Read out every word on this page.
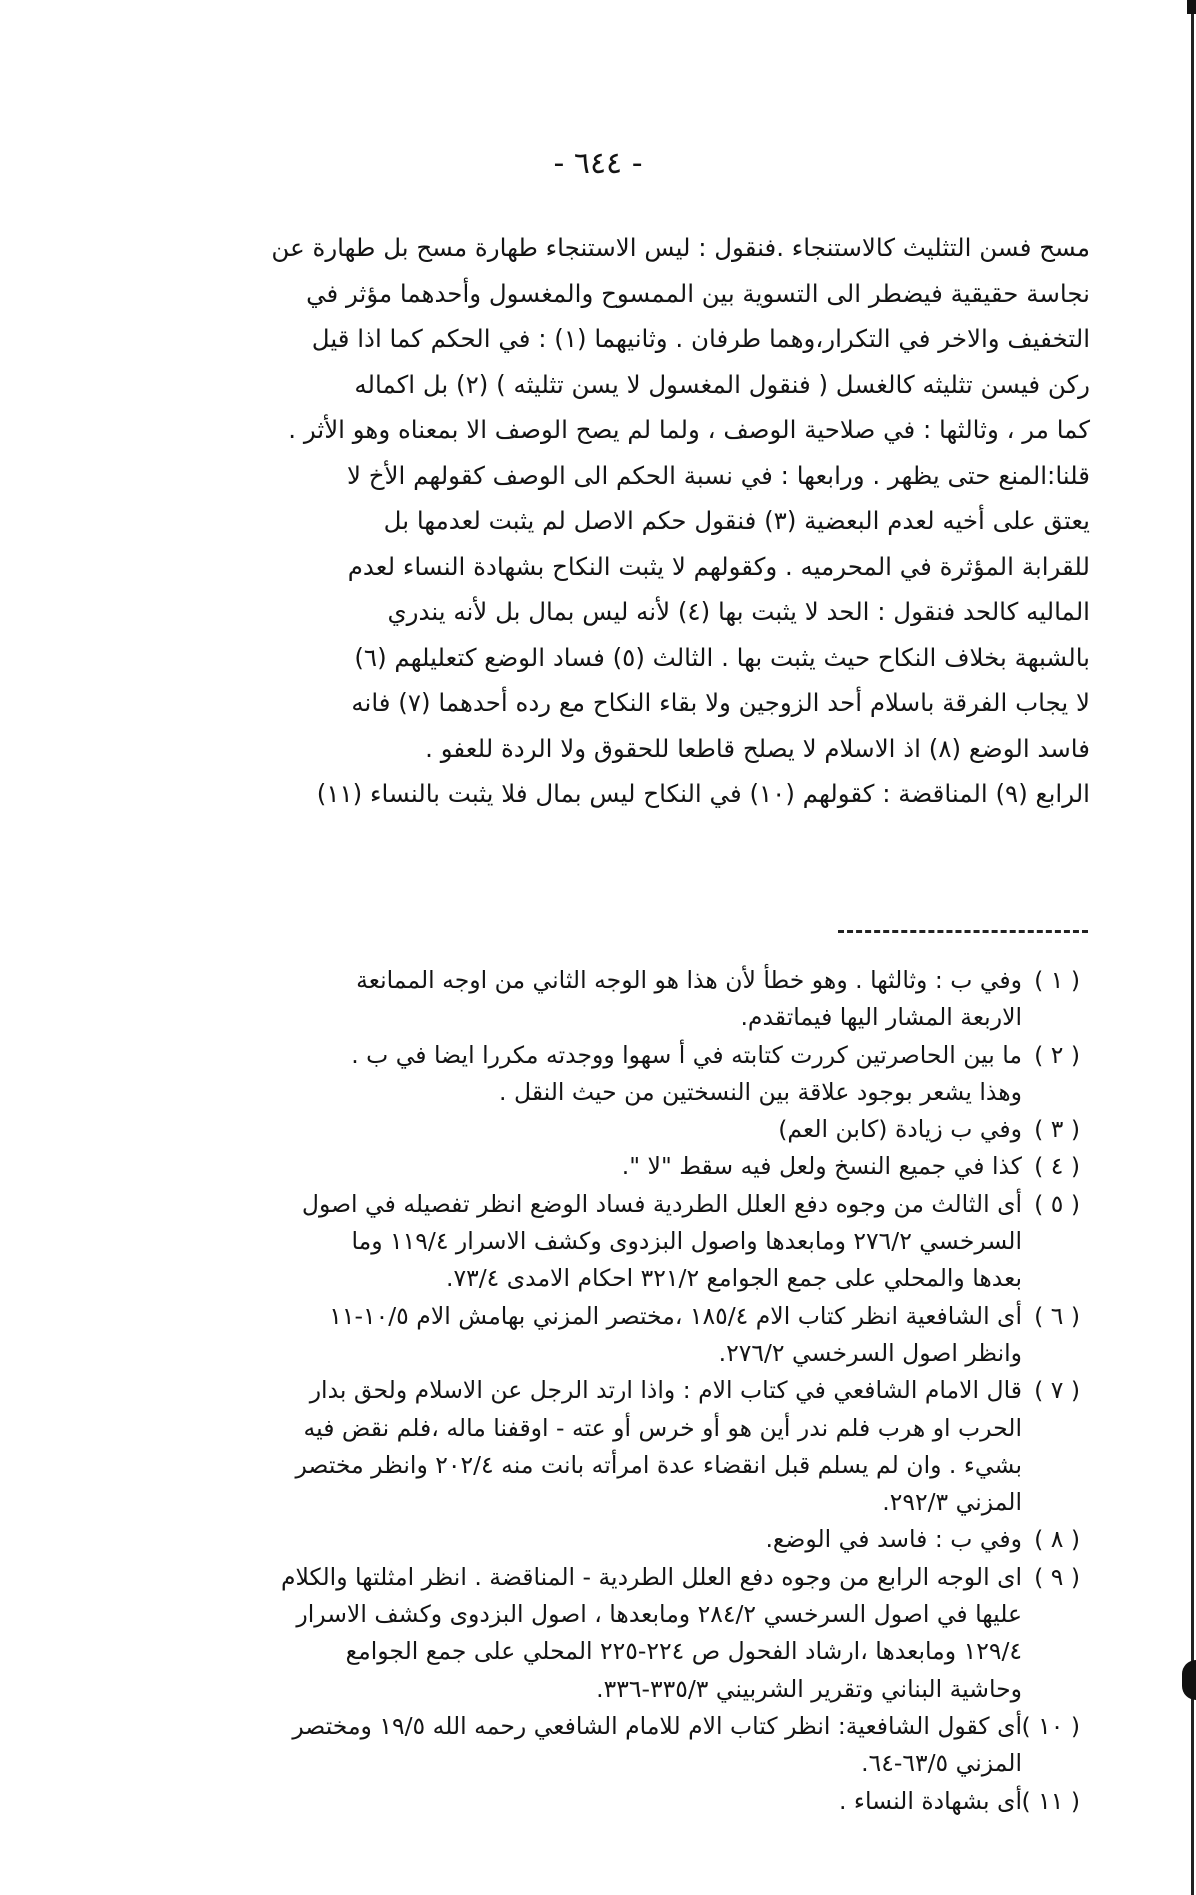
- ٦٤٤ -
مسح فسن التثليث كالاستنجاء .فنقول : ليس الاستنجاء طهارة مسح بل طهارة عن
نجاسة حقيقية فيضطر الى التسوية بين الممسوح والمغسول وأحدهما مؤثر في
التخفيف والاخر في التكرار،وهما طرفان . وثانيهما (١) : في الحكم كما اذا قيل
ركن فيسن تثليثه كالغسل ( فنقول المغسول لا يسن تثليثه ) (٢) بل اكماله
كما مر ، وثالثها : في صلاحية الوصف ، ولما لم يصح الوصف الا بمعناه وهو الأثر .
قلنا:المنع حتى يظهر . ورابعها : في نسبة الحكم الى الوصف كقولهم الأخ لا
يعتق على أخيه لعدم البعضية (٣) فنقول حكم الاصل لم يثبت لعدمها بل
للقرابة المؤثرة في المحرميه . وكقولهم لا يثبت النكاح بشهادة النساء لعدم
الماليه كالحد فنقول : الحد لا يثبت بها (٤) لأنه ليس بمال بل لأنه يندري
بالشبهة بخلاف النكاح حيث يثبت بها . الثالث (٥) فساد الوضع كتعليلهم (٦)
لا يجاب الفرقة باسلام أحد الزوجين ولا بقاء النكاح مع رده أحدهما (٧) فانه
فاسد الوضع (٨) اذ الاسلام لا يصلح قاطعا للحقوق ولا الردة للعفو .
الرابع (٩) المناقضة : كقولهم (١٠) في النكاح ليس بمال فلا يثبت بالنساء (١١)
( ١ )
وفي ب : وثالثها . وهو خطأ لأن هذا هو الوجه الثاني من اوجه الممانعة
الاربعة المشار اليها فيماتقدم.
( ٢ )
ما بين الحاصرتين كررت كتابته في أ سهوا ووجدته مكررا ايضا في ب .
وهذا يشعر بوجود علاقة بين النسختين من حيث النقل .
( ٣ )
وفي ب زيادة (كابن العم)
( ٤ )
كذا في جميع النسخ ولعل فيه سقط "لا ".
( ٥ )
أى الثالث من وجوه دفع العلل الطردية فساد الوضع انظر تفصيله في اصول
السرخسي ٢٧٦/٢ ومابعدها واصول البزدوى وكشف الاسرار ١١٩/٤ وما
بعدها والمحلي على جمع الجوامع ٣٢١/٢ احكام الامدى ٧٣/٤.
( ٦ )
أى الشافعية انظر كتاب الام ١٨٥/٤ ،مختصر المزني بهامش الام ١٠/٥-١١
وانظر اصول السرخسي ٢٧٦/٢.
( ٧ )
قال الامام الشافعي في كتاب الام : واذا ارتد الرجل عن الاسلام ولحق بدار
الحرب او هرب فلم ندر أين هو أو خرس أو عته - اوقفنا ماله ،فلم نقض فيه
بشيء . وان لم يسلم قبل انقضاء عدة امرأته بانت منه ٢٠٢/٤ وانظر مختصر
المزني ٢٩٢/٣.
( ٨ )
وفي ب : فاسد في الوضع.
( ٩ )
اى الوجه الرابع من وجوه دفع العلل الطردية - المناقضة . انظر امثلتها والكلام
عليها في اصول السرخسي ٢٨٤/٢ ومابعدها ، اصول البزدوى وكشف الاسرار
١٢٩/٤ ومابعدها ،ارشاد الفحول ص ٢٢٤-٢٢٥ المحلي على جمع الجوامع
وحاشية البناني وتقرير الشربيني ٣٣٥/٣-٣٣٦.
( ١٠ )
أى كقول الشافعية: انظر كتاب الام للامام الشافعي رحمه الله ١٩/٥ ومختصر
المزني ٦٣/٥-٦٤.
( ١١ )
أى بشهادة النساء .
